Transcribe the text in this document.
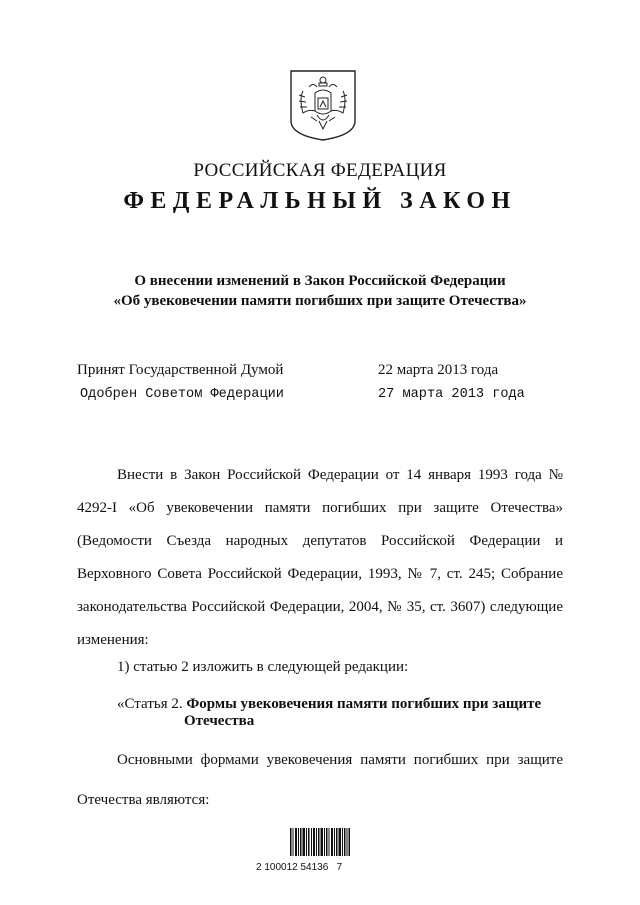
РОССИЙСКАЯ ФЕДЕРАЦИЯ
ФЕДЕРАЛЬНЫЙ ЗАКОН
О внесении изменений в Закон Российской Федерации
«Об увековечении памяти погибших при защите Отечества»
Принят Государственной Думой	22 марта 2013 года
Одобрен Советом Федерации	27 марта 2013 года

Внести в Закон Российской Федерации от 14 января 1993 года № 4292-I «Об увековечении памяти погибших при защите Отечества» (Ведомости Съезда народных депутатов Российской Федерации и Верховного Совета Российской Федерации, 1993, № 7, ст. 245; Собрание законодательства Российской Федерации, 2004, № 35, ст. 3607) следующие изменения:

1) статью 2 изложить в следующей редакции:
«Статья 2. Формы увековечения памяти погибших при защите
Отечества

Основными формами увековечения памяти погибших при защите Отечества являются:

2 100012 54136   7
